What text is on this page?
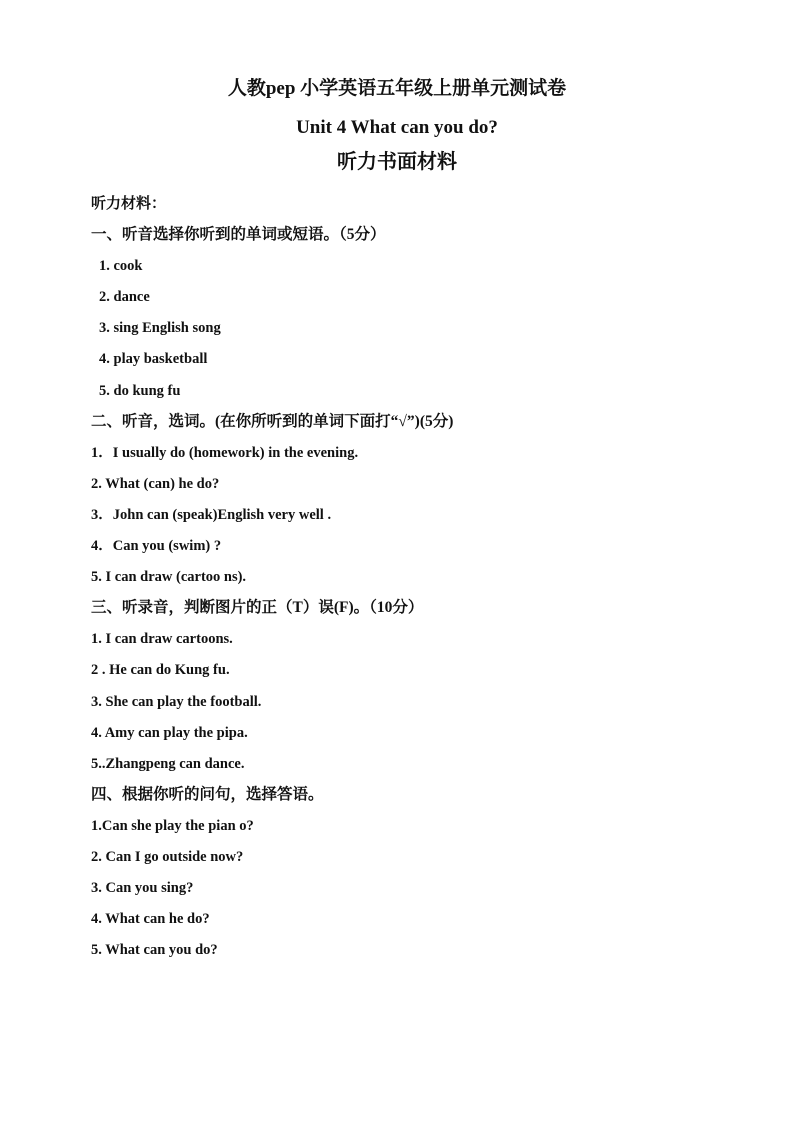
人教pep 小学英语五年级上册单元测试卷
Unit 4 What can you do?
听力书面材料
听力材料：
一、听音选择你听到的单词或短语。（5分）
1. cook
2. dance
3. sing English song
4. play basketball
5. do kung fu
二、听音，选词。(在你所听到的单词下面打“√”)(5分)
1．I usually do (homework) in the evening.
2. What (can) he do?
3．John can (speak)English very well .
4．Can you (swim) ?
5. I can draw (cartoo ns).
三、听录音，判断图片的正（T）误(F)。（10分）
1. I can draw cartoons.
2 . He can do Kung fu.
3. She can play the football.
4. Amy can play the pipa.
5..Zhangpeng can dance.
四、根据你听的问句，选择答语。
1.Can she play the pian o?
2. Can I go outside now?
3. Can you sing?
4. What can he do?
5. What can you do?
